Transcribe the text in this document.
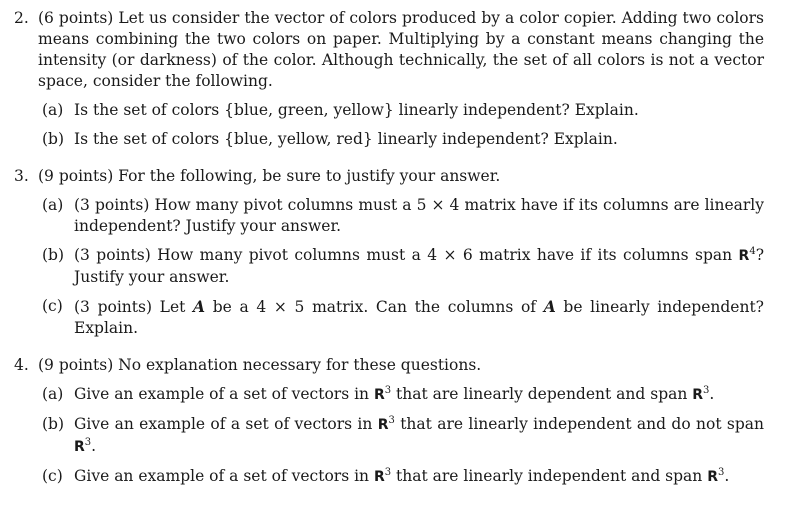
2. (6 points) Let us consider the vector of colors produced by a color copier. Adding two colors means combining the two colors on paper. Multiplying by a constant means changing the intensity (or darkness) of the color. Although technically, the set of all colors is not a vector space, consider the following.
(a) Is the set of colors {blue, green, yellow} linearly independent? Explain.
(b) Is the set of colors {blue, yellow, red} linearly independent? Explain.
3. (9 points) For the following, be sure to justify your answer.
(a) (3 points) How many pivot columns must a 5 × 4 matrix have if its columns are linearly independent? Justify your answer.
(b) (3 points) How many pivot columns must a 4 × 6 matrix have if its columns span $R^4$? Justify your answer.
(c) (3 points) Let A be a 4 × 5 matrix. Can the columns of A be linearly independent? Explain.
4. (9 points) No explanation necessary for these questions.
(a) Give an example of a set of vectors in $R^3$ that are linearly dependent and span $R^3$.
(b) Give an example of a set of vectors in $R^3$ that are linearly independent and do not span $R^3$.
(c) Give an example of a set of vectors in $R^3$ that are linearly independent and span $R^3$.
